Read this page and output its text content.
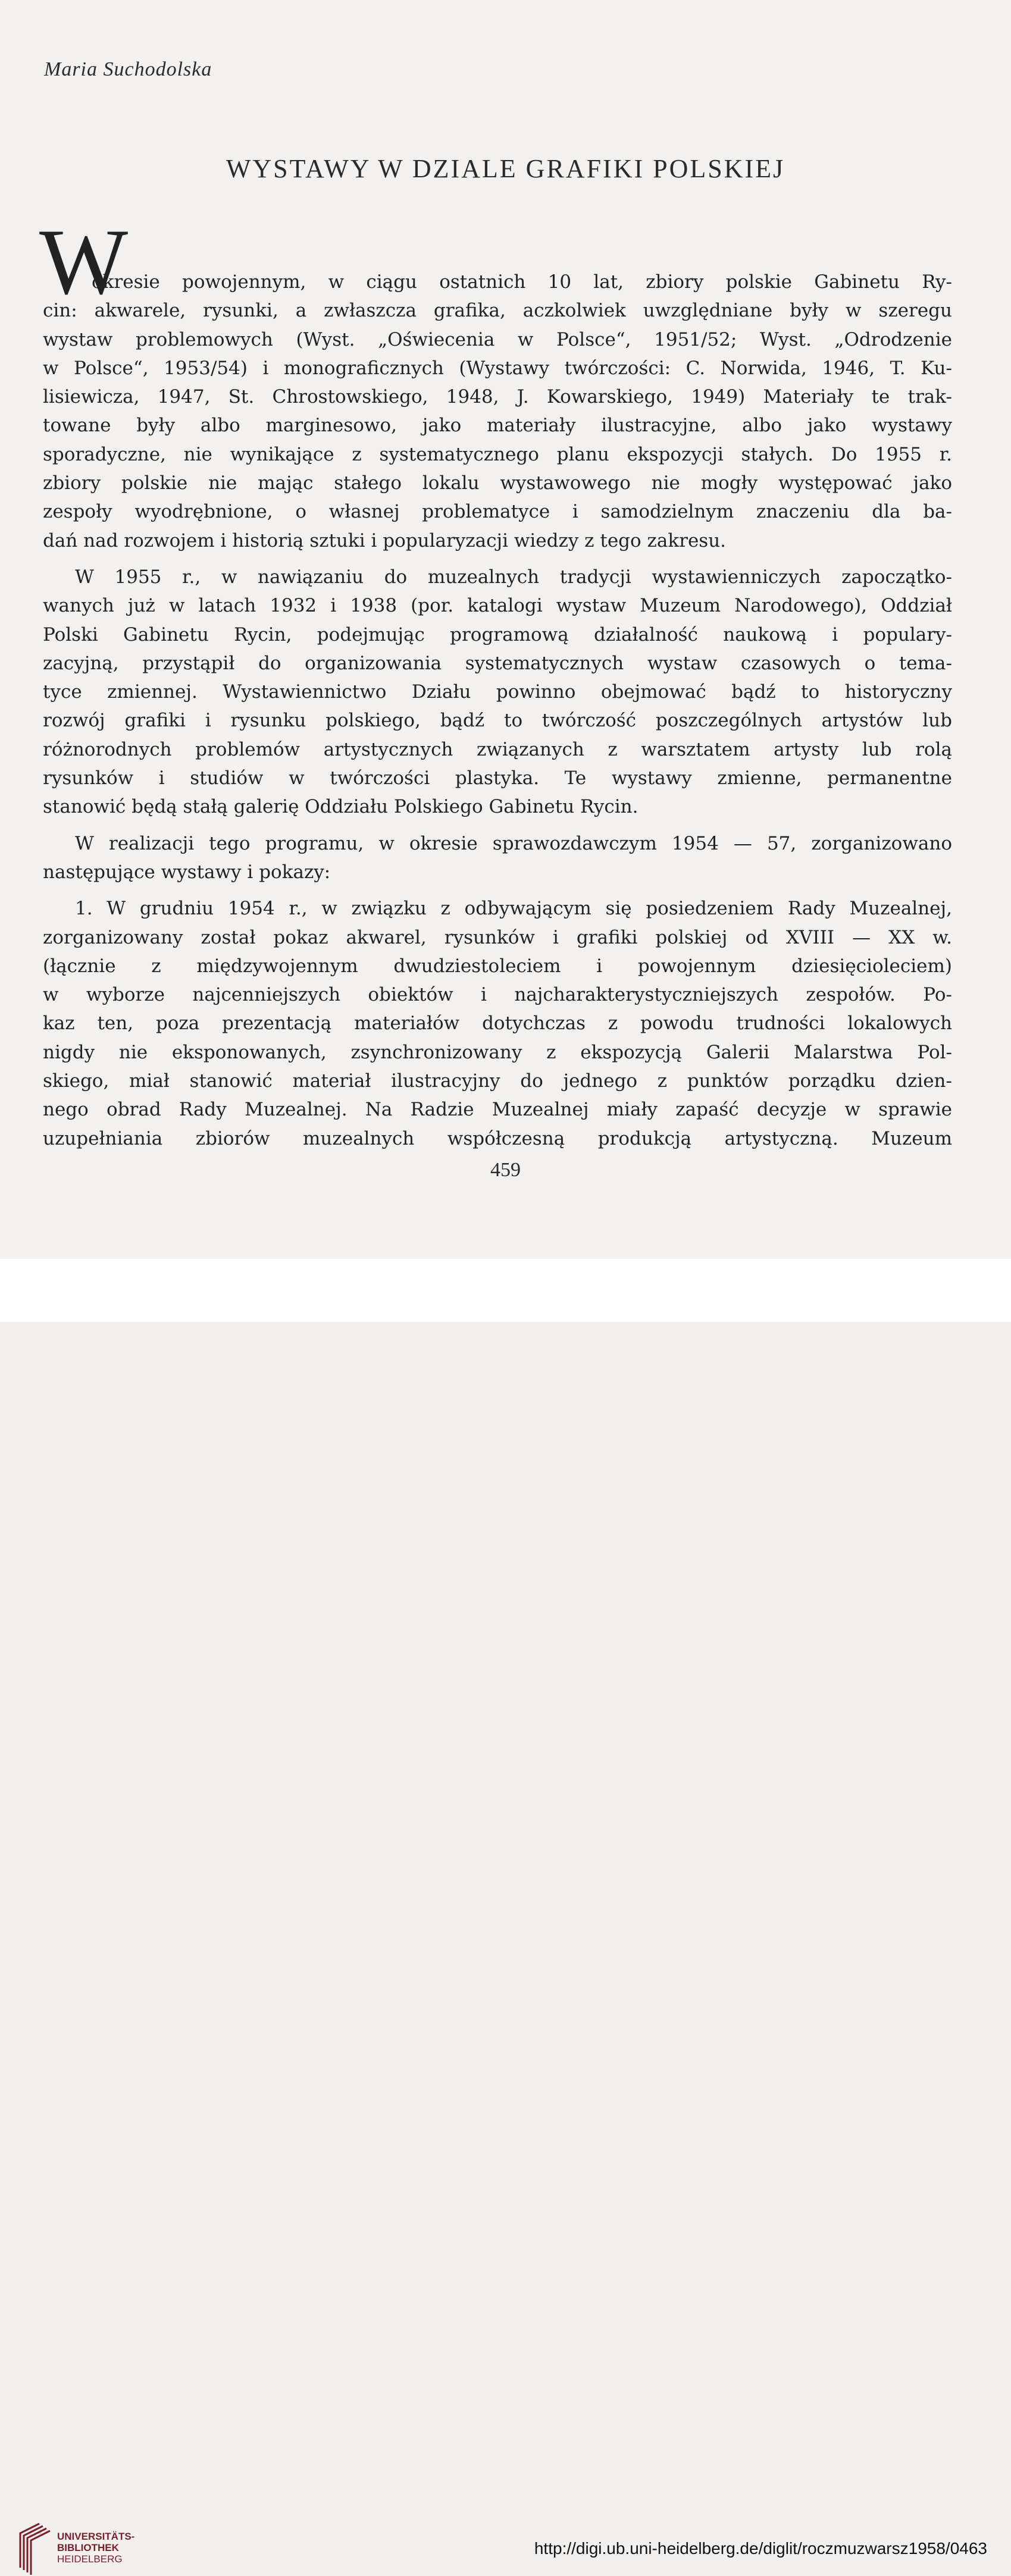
Maria Suchodolska
WYSTAWY W DZIALE GRAFIKI POLSKIEJ
W

okresie powojennym, w ciągu ostatnich 10 lat, zbiory polskie Gabinetu Ry-
cin: akwarele, rysunki, a zwłaszcza grafika, aczkolwiek uwzględniane były w szeregu
wystaw problemowych (Wyst. „Oświecenia w Polsce“, 1951/52; Wyst. „Odrodzenie
w Polsce“, 1953/54) i monograficznych (Wystawy twórczości: C. Norwida, 1946, T. Ku-
lisiewicza, 1947, St. Chrostowskiego, 1948, J. Kowarskiego, 1949) Materiały te trak-
towane były albo marginesowo, jako materiały ilustracyjne, albo jako wystawy
sporadyczne, nie wynikające z systematycznego planu ekspozycji stałych. Do 1955 r.
zbiory polskie nie mając stałego lokalu wystawowego nie mogły występować jako
zespoły wyodrębnione, o własnej problematyce i samodzielnym znaczeniu dla ba-
dań nad rozwojem i historią sztuki i popularyzacji wiedzy z tego zakresu.

W 1955 r., w nawiązaniu do muzealnych tradycji wystawienniczych zapoczątko-
wanych już w latach 1932 i 1938 (por. katalogi wystaw Muzeum Narodowego), Oddział
Polski Gabinetu Rycin, podejmując programową działalność naukową i populary-
zacyjną, przystąpił do organizowania systematycznych wystaw czasowych o tema-
tyce zmiennej. Wystawiennictwo Działu powinno obejmować bądź to historyczny
rozwój grafiki i rysunku polskiego, bądź to twórczość poszczególnych artystów lub
różnorodnych problemów artystycznych związanych z warsztatem artysty lub rolą
rysunków i studiów w twórczości plastyka. Te wystawy zmienne, permanentne
stanowić będą stałą galerię Oddziału Polskiego Gabinetu Rycin.

W realizacji tego programu, w okresie sprawozdawczym 1954 — 57, zorganizowano
następujące wystawy i pokazy:

1. W grudniu 1954 r., w związku z odbywającym się posiedzeniem Rady Muzealnej,
zorganizowany został pokaz akwarel, rysunków i grafiki polskiej od XVIII — XX w.
(łącznie z międzywojennym dwudziestoleciem i powojennym dziesięcioleciem)
w wyborze najcenniejszych obiektów i najcharakterystyczniejszych zespołów. Po-
kaz ten, poza prezentacją materiałów dotychczas z powodu trudności lokalowych
nigdy nie eksponowanych, zsynchronizowany z ekspozycją Galerii Malarstwa Pol-
skiego, miał stanowić materiał ilustracyjny do jednego z punktów porządku dzien-
nego obrad Rady Muzealnej. Na Radzie Muzealnej miały zapaść decyzje w sprawie
uzupełniania zbiorów muzealnych współczesną produkcją artystyczną. Muzeum

459
UNIVERSITÄTS-
BIBLIOTHEK
HEIDELBERG
http://digi.ub.uni-heidelberg.de/diglit/roczmuzwarsz1958/0463
